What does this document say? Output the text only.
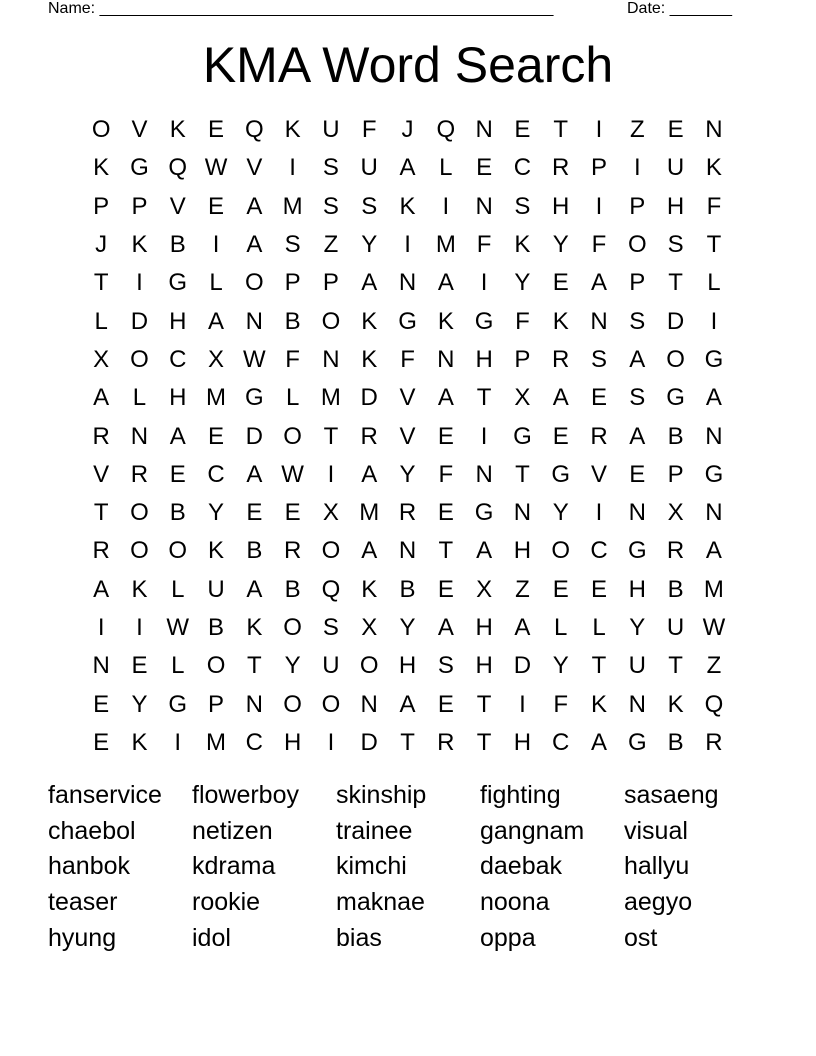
Name: ___________________________________________________	Date: _______
KMA Word Search
O V K E Q K U F	J Q N E T	I	Z E N
K G Q W V	I	S U A L E C R P	I	U K
P P V E A M S S K	I	N S H	I	P H F
J	K B	I	A S Z Y	I	M F K Y F O S T
T	I	G L O P P A N A	I	Y E A P T	L
L D H A N B O K G K G F K N S D	I
X O C X W F N K F N H P R S A O G
A L H M G L M D V A T X A E S G A
R N A E D O T R V E	I	G E R A B N
V R E C A W I	A Y F N T G V E P G
T O B Y E E X M R E G N Y	I	N X N
R O O K B R O A N T A H O C G R A
A K L U A B Q K B E X Z E E H B M
I	I W B K O S X Y A H A L	L Y U W
N E L O T Y U O H S H D Y T U T Z
E Y G P N O O N A E T	I	F K N K Q
E K	I	M C H	I	D T R T H C A G B R
fanservice	flowerboy	skinship	fighting	sasaeng
chaebol	netizen	trainee	gangnam	visual
hanbok	kdrama	kimchi	daebak	hallyu
teaser	rookie	maknae	noona	aegyo
hyung	idol	bias	oppa	ost
